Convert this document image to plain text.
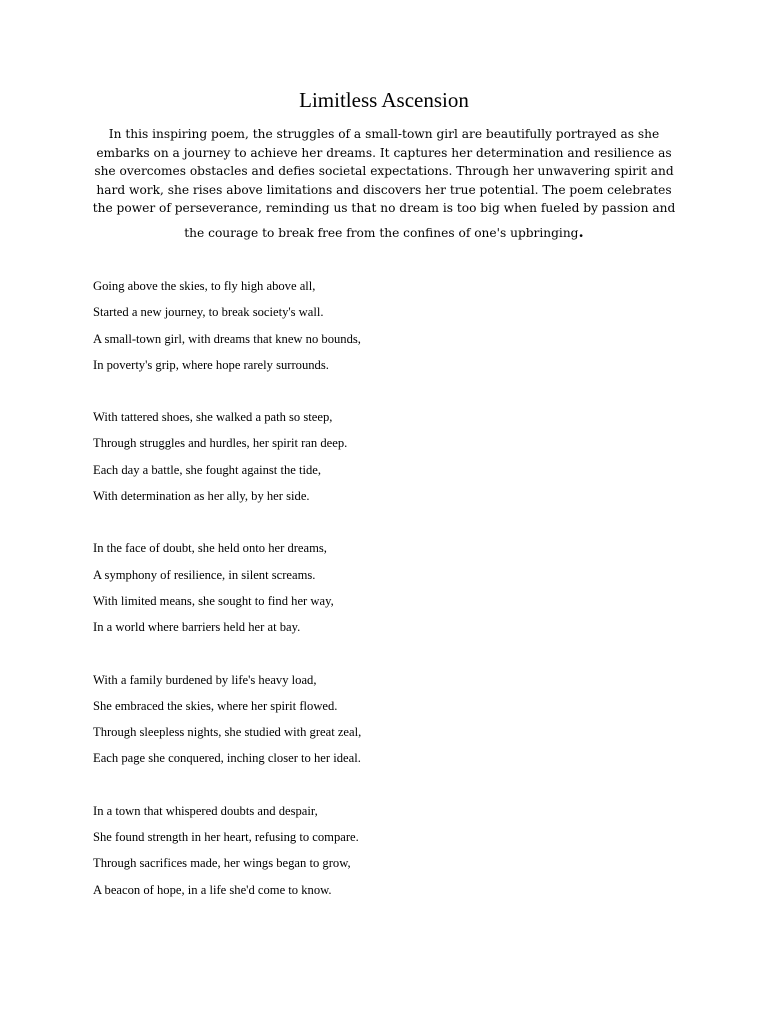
Limitless Ascension
In this inspiring poem, the struggles of a small-town girl are beautifully portrayed as she
embarks on a journey to achieve her dreams. It captures her determination and resilience as
she overcomes obstacles and defies societal expectations. Through her unwavering spirit and
hard work, she rises above limitations and discovers her true potential. The poem celebrates
the power of perseverance, reminding us that no dream is too big when fueled by passion and
the courage to break free from the confines of one's upbringing.
Going above the skies, to fly high above all,
Started a new journey, to break society's wall.
A small-town girl, with dreams that knew no bounds,
In poverty's grip, where hope rarely surrounds.
With tattered shoes, she walked a path so steep,
Through struggles and hurdles, her spirit ran deep.
Each day a battle, she fought against the tide,
With determination as her ally, by her side.
In the face of doubt, she held onto her dreams,
A symphony of resilience, in silent screams.
With limited means, she sought to find her way,
In a world where barriers held her at bay.
With a family burdened by life's heavy load,
She embraced the skies, where her spirit flowed.
Through sleepless nights, she studied with great zeal,
Each page she conquered, inching closer to her ideal.
In a town that whispered doubts and despair,
She found strength in her heart, refusing to compare.
Through sacrifices made, her wings began to grow,
A beacon of hope, in a life she'd come to know.
